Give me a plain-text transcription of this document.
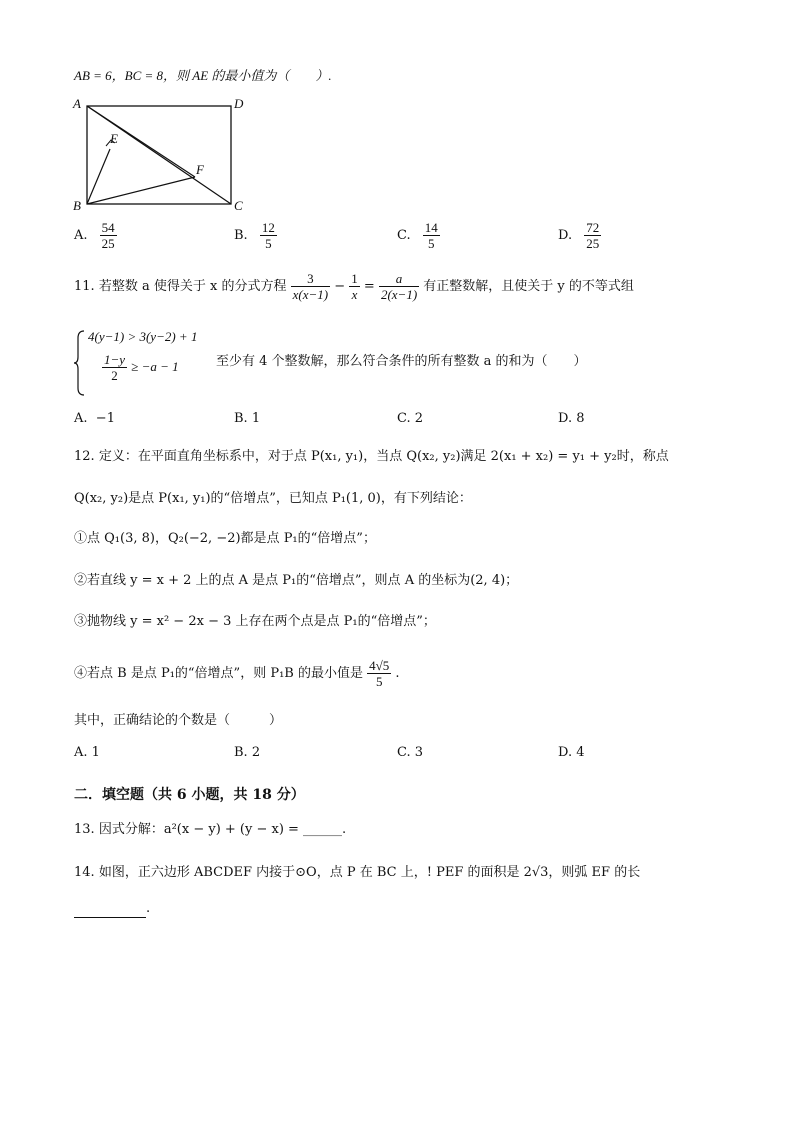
AB = 6，BC = 8，则 AE 的最小值为（　　）.
A	D
E
F
B	C
A. $\frac{54}{25}$	B. $\frac{12}{5}$	C. $\frac{14}{5}$	D. $\frac{72}{25}$
11. 若整数 a 使得关于 x 的分式方程 $\frac{3}{x(x-1)} - \frac{1}{x} = \frac{a}{2(x-1)}$ 有正整数解，且使关于 y 的不等式组
4(y−1) > 3(y−2) + 1
$\frac{1-y}{2} \ge -a - 1$	至少有 4 个整数解，那么符合条件的所有整数 a 的和为（　　）
A. −1	B. 1	C. 2	D. 8
12. 定义：在平面直角坐标系中，对于点 P(x₁, y₁)，当点 Q(x₂, y₂)满足 2(x₁ + x₂) = y₁ + y₂时，称点
Q(x₂, y₂)是点 P(x₁, y₁)的“倍增点”，已知点 P₁(1, 0)，有下列结论：
①点 Q₁(3, 8)，Q₂(−2, −2)都是点 P₁的“倍增点”；
②若直线 y = x + 2 上的点 A 是点 P₁的“倍增点”，则点 A 的坐标为(2, 4)；
③抛物线 y = x² − 2x − 3 上存在两个点是点 P₁的“倍增点”；
④若点 B 是点 P₁的“倍增点”，则 P₁B 的最小值是 $\frac{4√5}{5}$ .
其中，正确结论的个数是（　　　）
A. 1	B. 2	C. 3	D. 4
二．填空题（共 6 小题，共 18 分）
13. 因式分解：a²(x − y) + (y − x) = ______.
14. 如图，正六边形 ABCDEF 内接于⊙O，点 P 在 BC 上，! PEF 的面积是 2√3，则弧 EF 的长
.
